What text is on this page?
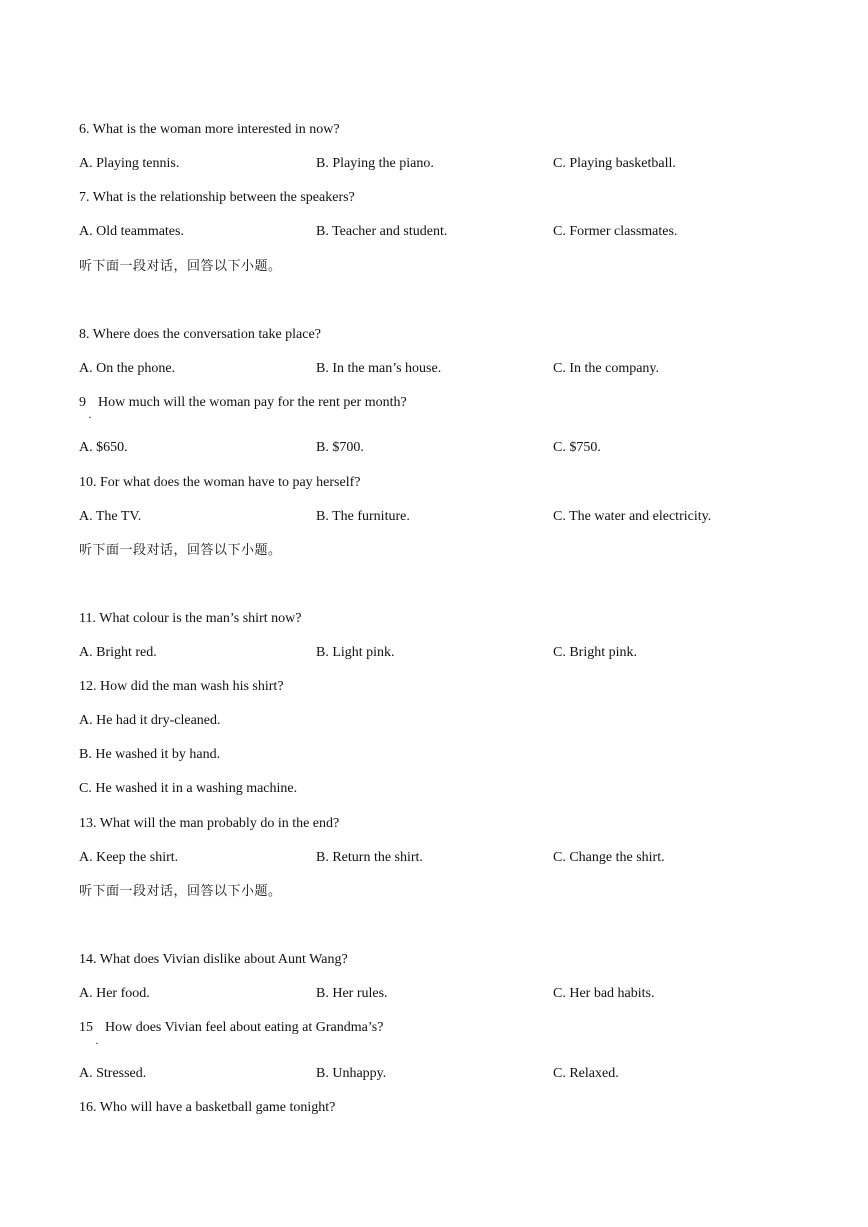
6. What is the woman more interested in now?
A. Playing tennis.	B. Playing the piano.	C. Playing basketball.
7. What is the relationship between the speakers?
A. Old teammates.	B. Teacher and student.	C. Former classmates.
听下面一段对话，回答以下小题。
8. Where does the conversation take place?
A. On the phone.	B. In the man’s house.	C. In the company.
9 How much will the woman pay for the rent per month?
·
A. $650.	B. $700.	C. $750.
10. For what does the woman have to pay herself?
A. The TV.	B. The furniture.	C. The water and electricity.
听下面一段对话，回答以下小题。
11. What colour is the man’s shirt now?
A. Bright red.	B. Light pink.	C. Bright pink.
12. How did the man wash his shirt?
A. He had it dry-cleaned.
B. He washed it by hand.
C. He washed it in a washing machine.
13. What will the man probably do in the end?
A. Keep the shirt.	B. Return the shirt.	C. Change the shirt.
听下面一段对话，回答以下小题。
14. What does Vivian dislike about Aunt Wang?
A. Her food.	B. Her rules.	C. Her bad habits.
15 How does Vivian feel about eating at Grandma’s?
·
A. Stressed.	B. Unhappy.	C. Relaxed.
16. Who will have a basketball game tonight?
